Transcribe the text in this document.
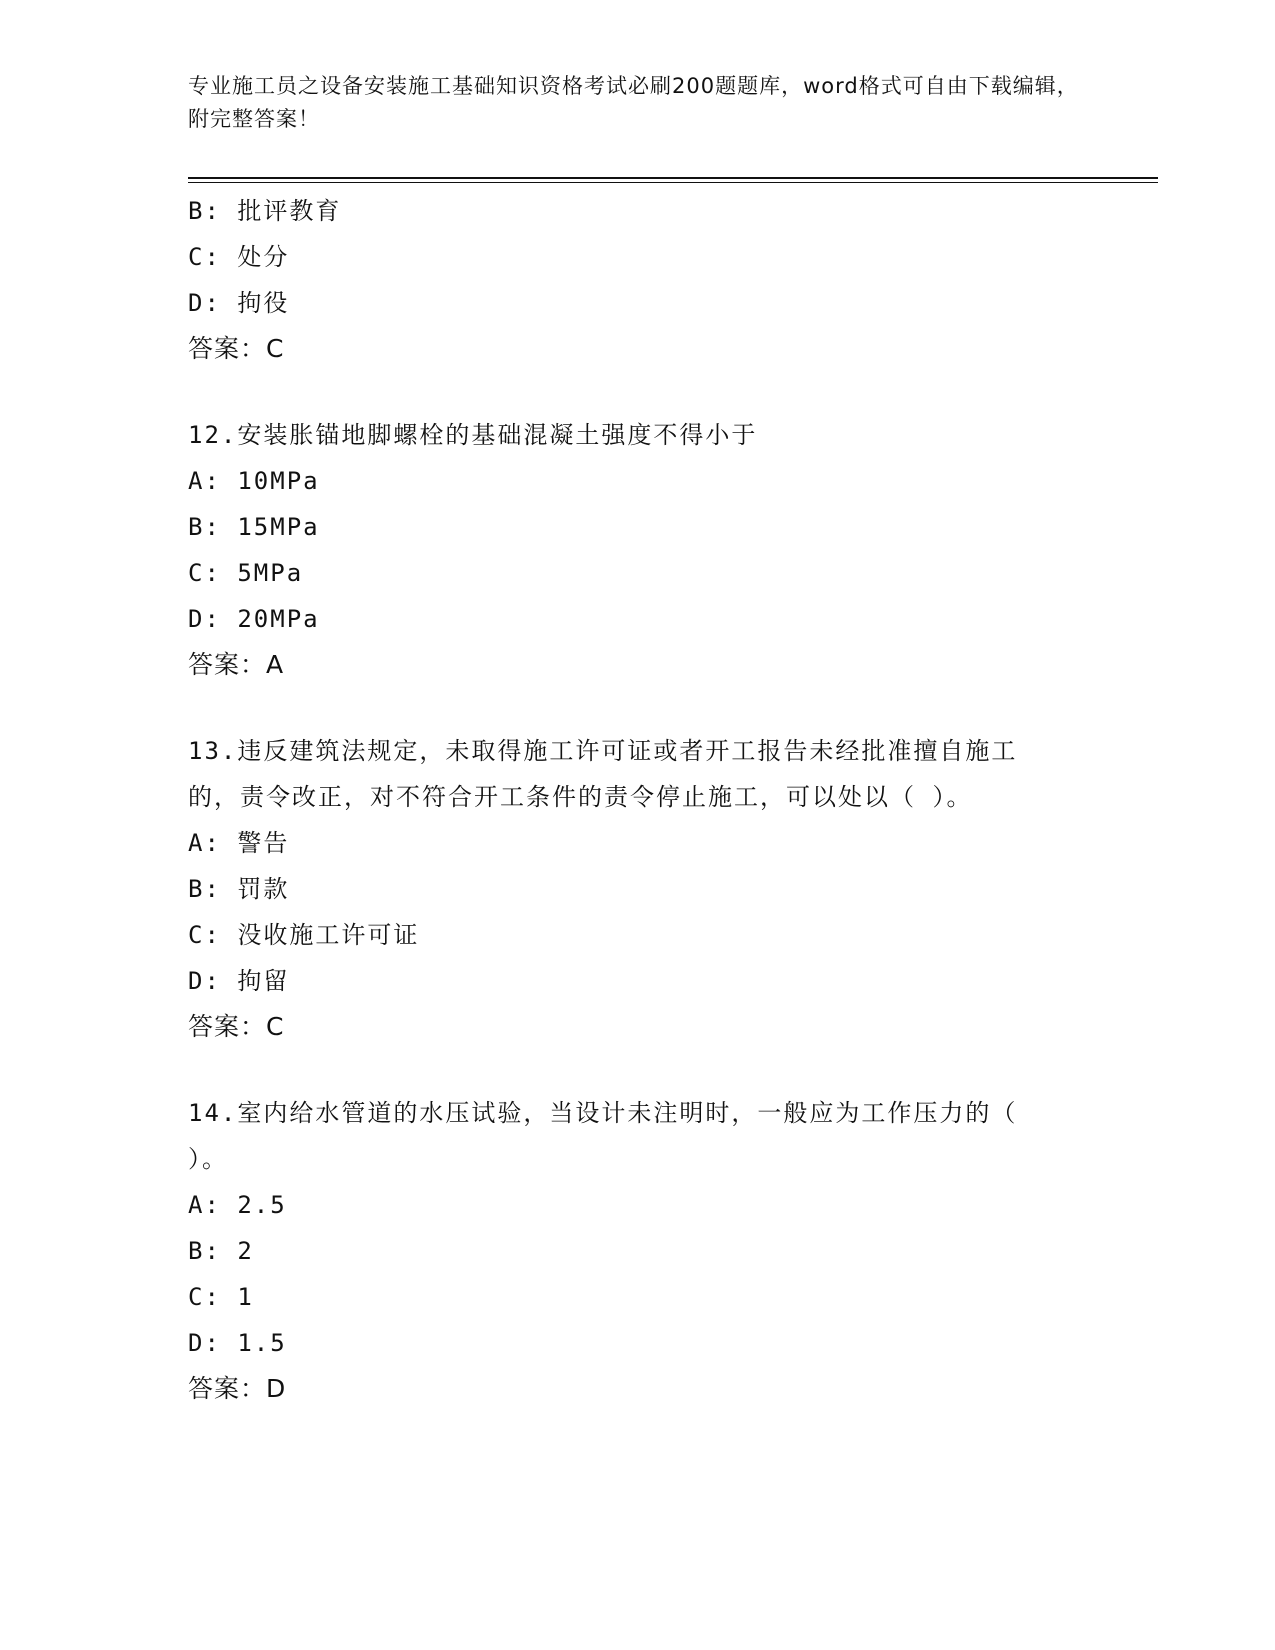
专业施工员之设备安装施工基础知识资格考试必刷200题题库，word格式可自由下载编辑，附完整答案！
B: 批评教育
C: 处分
D: 拘役
答案：C
12.安装胀锚地脚螺栓的基础混凝土强度不得小于
A: 10MPa
B: 15MPa
C: 5MPa
D: 20MPa
答案：A
13.违反建筑法规定，未取得施工许可证或者开工报告未经批准擅自施工的，责令改正，对不符合开工条件的责令停止施工，可以处以（ ）。
A: 警告
B: 罚款
C: 没收施工许可证
D: 拘留
答案：C
14.室内给水管道的水压试验，当设计未注明时，一般应为工作压力的（ ）。
A: 2.5
B: 2
C: 1
D: 1.5
答案：D
